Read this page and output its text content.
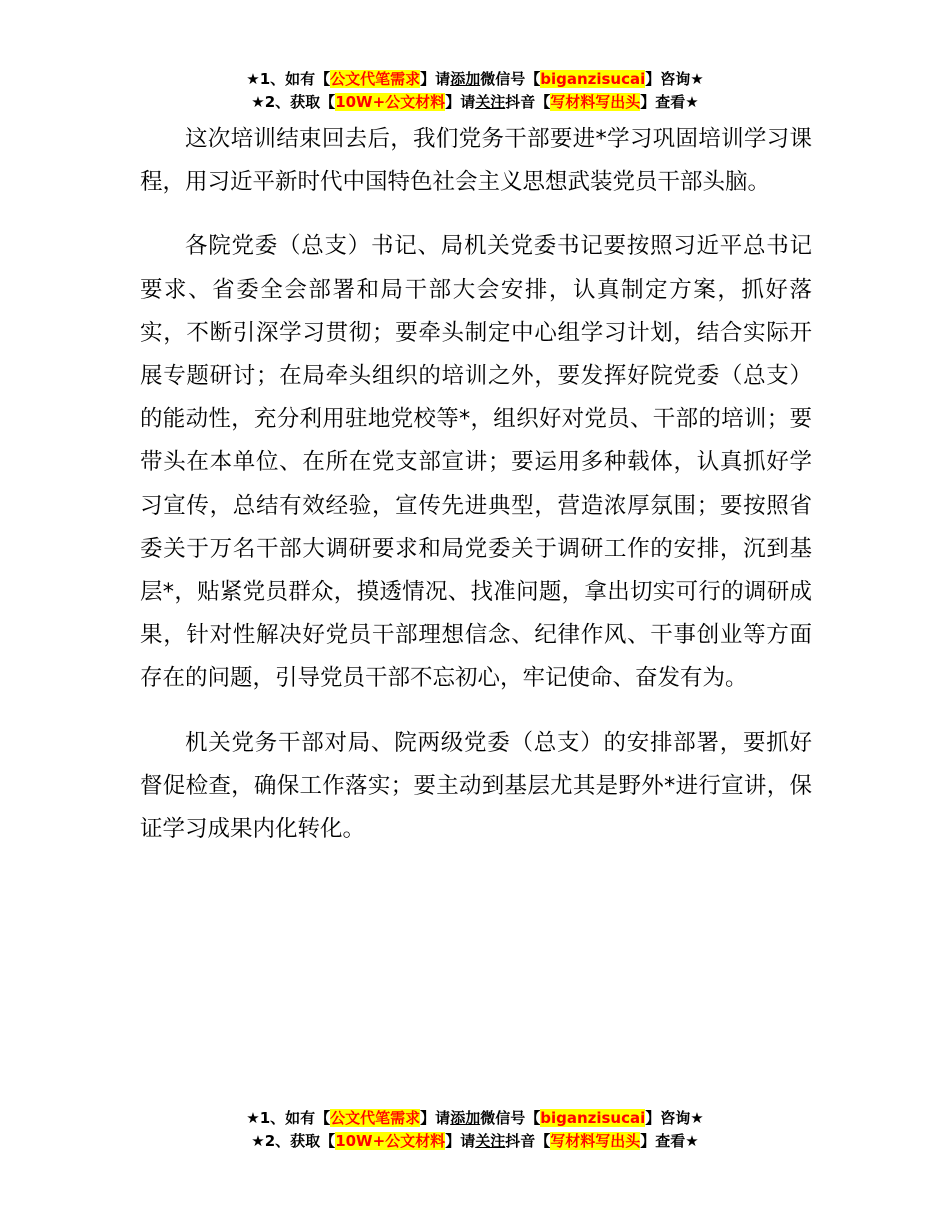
★1、如有【公文代笔需求】请添加微信号【biganzisucai】咨询★
★2、获取【10W+公文材料】请关注抖音【写材料写出头】查看★

这次培训结束回去后，我们党务干部要进*学习巩固培训学习课程，用习近平新时代中国特色社会主义思想武装党员干部头脑。

各院党委（总支）书记、局机关党委书记要按照习近平总书记要求、省委全会部署和局干部大会安排，认真制定方案，抓好落实，不断引深学习贯彻；要牵头制定中心组学习计划，结合实际开展专题研讨；在局牵头组织的培训之外，要发挥好院党委（总支）的能动性，充分利用驻地党校等*，组织好对党员、干部的培训；要带头在本单位、在所在党支部宣讲；要运用多种载体，认真抓好学习宣传，总结有效经验，宣传先进典型，营造浓厚氛围；要按照省委关于万名干部大调研要求和局党委关于调研工作的安排，沉到基层*，贴紧党员群众，摸透情况、找准问题，拿出切实可行的调研成果，针对性解决好党员干部理想信念、纪律作风、干事创业等方面存在的问题，引导党员干部不忘初心，牢记使命、奋发有为。

机关党务干部对局、院两级党委（总支）的安排部署，要抓好督促检查，确保工作落实；要主动到基层尤其是野外*进行宣讲，保证学习成果内化转化。

★1、如有【公文代笔需求】请添加微信号【biganzisucai】咨询★
★2、获取【10W+公文材料】请关注抖音【写材料写出头】查看★
